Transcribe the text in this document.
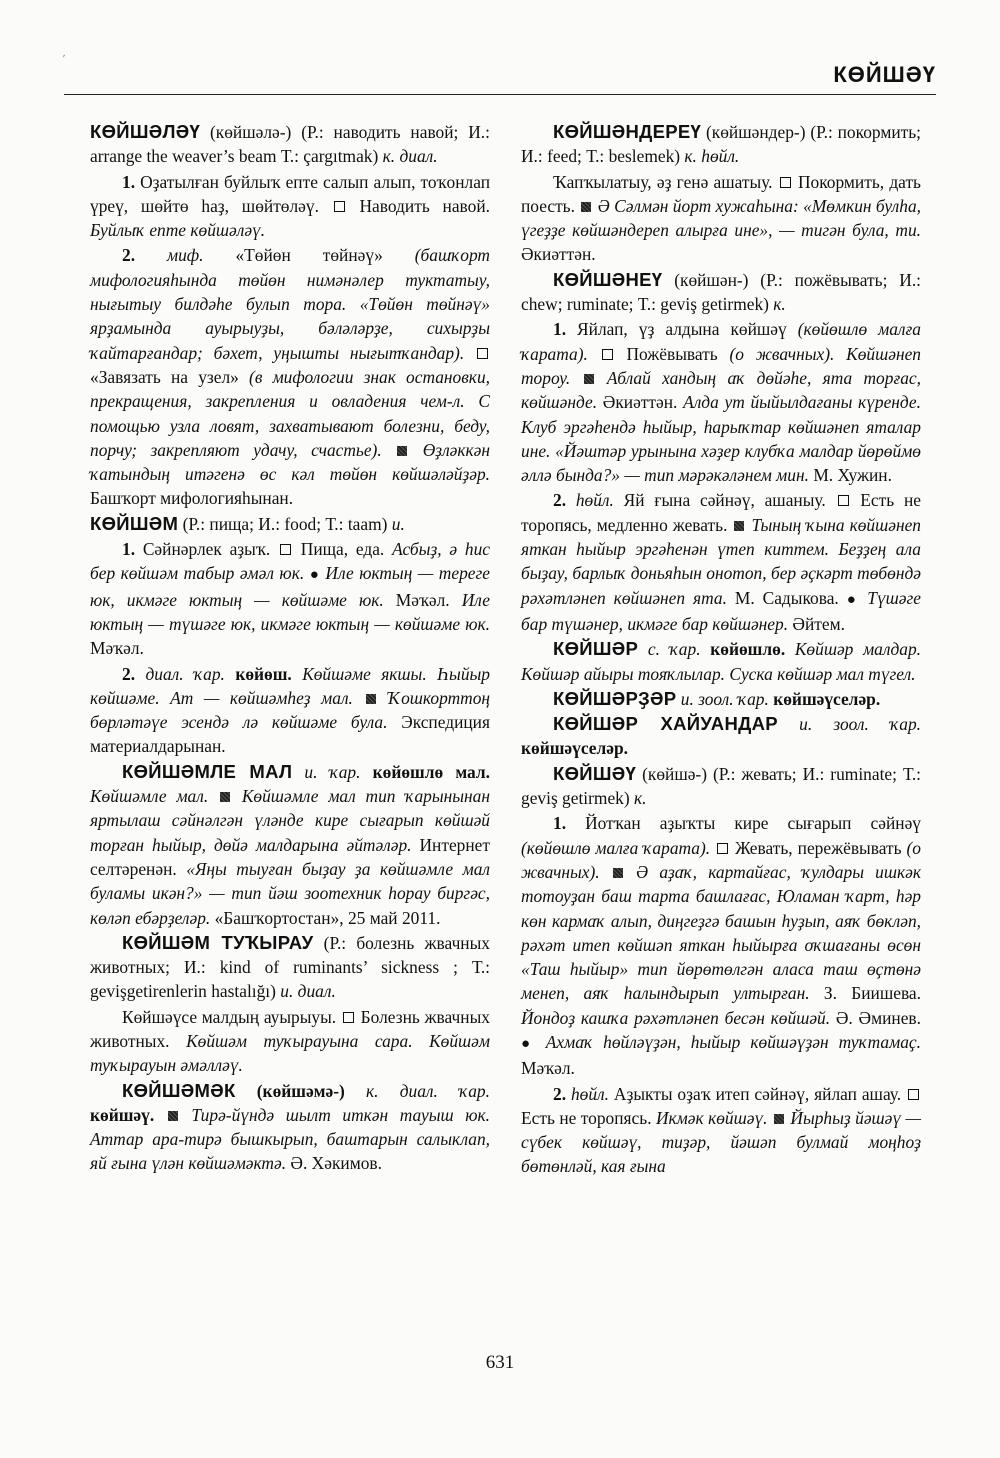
´
КӨЙШӘҮ

КӨЙШӘЛӘҮ (көйшәлә-) (Р.: наводить навой; И.: arrange the weaver’s beam Т.: çargıtmak) к. диал.

1. Оҙатылған буйлыҡ епте салып алып, тоҡонлап үреү, шөйтө һаҙ, шөйтөләү.  Наводить навой. Буйлыҡ епте көйшәләү.

2. миф. «Төйөн төйнәү» (башҡорт мифологияһында төйөн нимәнәлер туктатыу, нығытыу билдәһе булып тора. «Төйөн төйнәү» ярҙамында ауырыуҙы, бәләләрҙе, сихырҙы ҡайтарғандар; бәхет, уңышты нығытҡандар).  «Завязать на узел» (в мифологии знак остановки, прекращения, закрепления и овладения чем-л. С помощью узла ловят, захватывают болезни, беду, порчу; закрепляют удачу, счастье).  Өҙләккән ҡатындың итәгенә өс кәл төйөн көйшәләйҙәр. Башҡорт мифологияһынан.

КӨЙШӘМ (Р.: пища; И.: food; Т.: taam) и.

1. Сәйнәрлек аҙыҡ.  Пища, еда. Асбыҙ, ә һис бер көйшәм табыр әмәл юк. ● Иле юктың — тереге юк, икмәге юктың — көйшәме юк. Мәҡәл. Иле юктың — түшәге юк, икмәге юктың — көйшәме юк. Мәҡәл.

2. диал. ҡар. көйөш. Көйшәме якшы. Һыйыр көйшәме. Ат — көйшәмһеҙ мал.  Ҡошкорттоң бөрләтәүе эсендә лә көйшәме була. Экспедиция материалдарынан.

КӨЙШӘМЛЕ МАЛ и. ҡар. көйөшлө мал. Көйшәмле мал.  Көйшәмле мал тип ҡарынынан яртылаш сәйнәлгән үләнде кире сығарып көйшәй торған һыйыр, дөйә малдарына әйтәләр. Интернет селтәренән. «Яңы тыуған быҙау ҙа көйшәмле мал буламы икән?» — тип йәш зоотехник һорау биргәс, көләп ебәрҙеләр. «Башҡортостан», 25 май 2011.

КӨЙШӘМ ТУҠЫРАУ (Р.: болезнь жвачных животных; И.: kind of ruminants’ sickness ; Т.: gevişgetirenlerin hastalığı) и. диал.

Көйшәүсе малдың ауырыуы.  Болезнь жвачных животных. Көйшәм туҡырауына сара. Көйшәм туҡырауын әмәлләү.

КӨЙШӘМӘК (көйшәмә-) к. диал. ҡар. көйшәү.  Тирә-йүндә шылт иткән тауыш юк. Аттар ара-тирә бышкырып, баштарын салыклап, яй ғына үлән көйшәмәктә. Ә. Хәкимов.

КӨЙШӘНДЕРЕҮ (көйшәндер-) (Р.: покормить; И.: feed; Т.: beslemek) к. һөйл.

Ҡапҡылатыу, әҙ генә ашатыу.  Покормить, дать поесть.  Ә Сәлмән йорт хужаһына: «Мөмкин булһа, үгеҙҙе көйшәндереп алырға ине», — тигән була, ти. Әкиәттән.

КӨЙШӘНЕҮ (көйшән-) (Р.: пожёвывать; И.: chew; ruminate; Т.: geviş getirmek) к.

1. Яйлап, үҙ алдына көйшәү (көйөшлө малға ҡарата).  Пожёвывать (о жвачных). Көйшәнеп тороу.  Аблай хандың аҡ дөйәһе, ята торғас, көйшәнде. Әкиәттән. Алда ут йыйылдағаны күренде. Клуб эргәһендә һыйыр, һарыҡтар көйшәнеп яталар ине. «Йәштәр урынына хәҙер клубҡа малдар йөрөймө әллә бында?» — тип мәрәкәләнем мин. М. Хужин.

2. һөйл. Яй ғына сәйнәү, ашаныу.  Есть не торопясь, медленно жевать.  Тының ҡына көйшәнеп яткан һыйыр эргәһенән үтеп киттем. Беҙҙең ала быҙау, барлыҡ доньяһын онотоп, бер әҫкәрт төбөндә рәхәтләнеп көйшәнеп ята. М. Садыкова. ● Түшәге бар түшәнер, икмәге бар көйшәнер. Әйтем.

КӨЙШӘР с. ҡар. көйөшлө. Көйшәр малдар. Көйшәр айыры тояҡлылар. Суска көйшәр мал түгел.

КӨЙШӘРҘӘР и. зоол. ҡар. көйшәүселәр.

КӨЙШӘР ХАЙУАНДАР и. зоол. ҡар. көйшәүселәр.

КӨЙШӘҮ (көйшә-) (Р.: жевать; И.: ruminate; Т.: geviş getirmek) к.

1. Йотҡан аҙыҡты кире сығарып сәйнәү (көйөшлө малға ҡарата).  Жевать, пережёвывать (о жвачных).  Ә аҙаҡ, картайғас, ҡулдары ишкәк тотоуҙан баш тарта башлағас, Юламан ҡарт, һәр көн кармаҡ алып, диңгеҙгә башын һуҙып, аяҡ бөкләп, рәхәт итеп көйшәп яткан һыйырға оҡшағаны өсөн «Таш һыйыр» тип йөрөтөлгән аласа таш өҫтөнә менеп, аяҡ һалындырып ултырған. З. Биишева. Йондоҙ кашҡа рәхәтләнеп бесән көйшәй. Ә. Әминев. ● Ахмаҡ һөйләүҙән, һыйыр көйшәүҙән туҡтамаҫ. Мәҡәл.

2. һөйл. Аҙыкты оҙаҡ итеп сәйнәү, яйлап ашау.  Есть не торопясь. Икмәк көйшәү.  Йырһыҙ йәшәү — сүбек көйшәү, тиҙәр, йәшәп булмай моңһоҙ бөтөнләй, кая ғына

631
